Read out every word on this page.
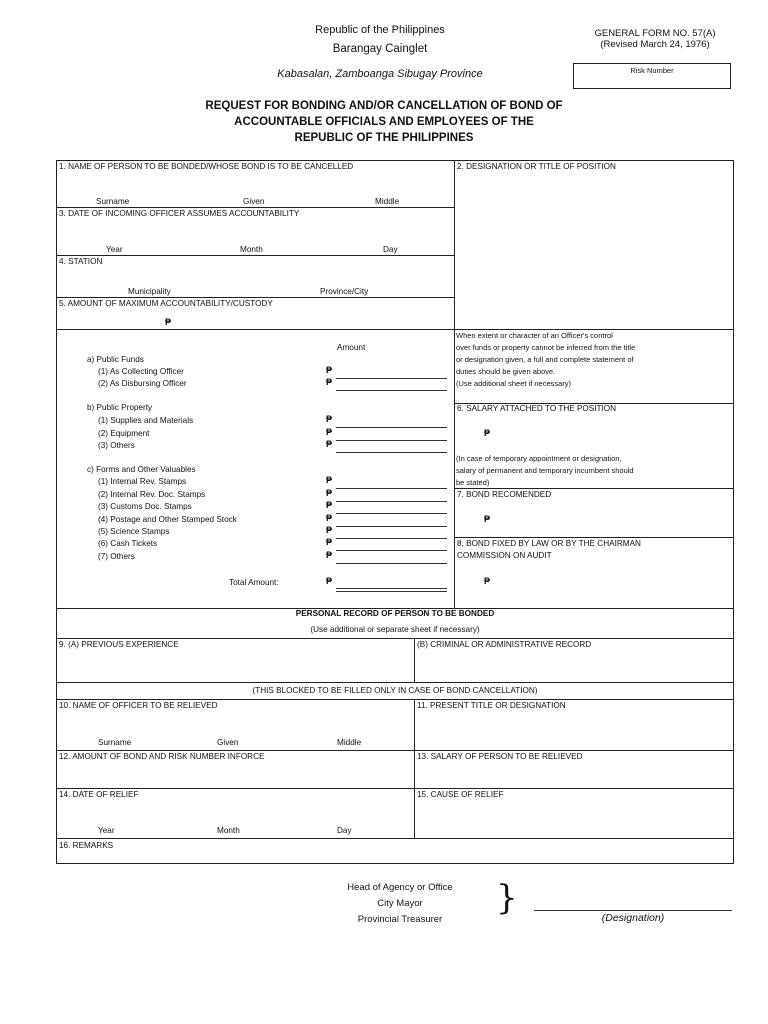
Republic of the Philippines
Barangay Cainglet
Kabasalan, Zamboanga Sibugay Province
GENERAL FORM NO. 57(A)
(Revised March 24, 1976)
Risk Number
REQUEST FOR BONDING AND/OR CANCELLATION OF BOND OF
ACCOUNTABLE OFFICIALS AND EMPLOYEES OF THE
REPUBLIC OF THE PHILIPPINES
1. NAME OF PERSON TO BE BONDED/WHOSE BOND IS TO BE CANCELLED
Surname	Given	Middle
2. DESIGNATION OR TITLE OF POSITION
3. DATE OF INCOMING OFFICER ASSUMES ACCOUNTABILITY
Year	Month	Day
4. STATION
Municipality	Province/City
5. AMOUNT OF MAXIMUM ACCOUNTABILITY/CUSTODY
₱
Amount
a) Public Funds
(1) As Collecting Officer	₱
(2) As Disbursing Officer	₱
b) Public Property
(1) Supplies and Materials	₱
(2) Equipment	₱
(3) Others	₱
c) Forms and Other Valuables
(1) Internal Rev. Stamps	₱
(2) Internal Rev. Doc. Stamps	₱
(3) Customs Doc. Stamps	₱
(4) Postage and Other Stamped Stock	₱
(5) Science Stamps	₱
(6) Cash Tickets	₱
(7) Others	₱
Total Amount:	₱
When extent or character of an Officer's control
over funds or property cannot be inferred from the title
or designation given, a full and complete statement of
duties should be given above.
(Use additional sheet if necessary)
6. SALARY ATTACHED TO THE POSITION
₱
(In case of temporary appointment or designation,
salary of permanent and temporary incumbent should
be stated)
7. BOND RECOMENDED
₱
8. BOND FIXED BY LAW OR BY THE CHAIRMAN
COMMISSION ON AUDIT
₱
PERSONAL RECORD OF PERSON TO BE BONDED
(Use additional or separate sheet if necessary)
9. (A) PREVIOUS EXPERIENCE	(B) CRIMINAL OR ADMINISTRATIVE RECORD
(THIS BLOCKED TO BE FILLED ONLY IN CASE OF BOND CANCELLATION)
10. NAME OF OFFICER TO BE RELIEVED
Surname	Given	Middle
11. PRESENT TITLE OR DESIGNATION
12. AMOUNT OF BOND AND RISK NUMBER INFORCE	13. SALARY OF PERSON TO BE RELIEVED
14. DATE OF RELIEF
Year	Month	Day
15. CAUSE OF RELIEF
16. REMARKS
Head of Agency or Office
City Mayor
Provincial Treasurer
}	(Designation)
